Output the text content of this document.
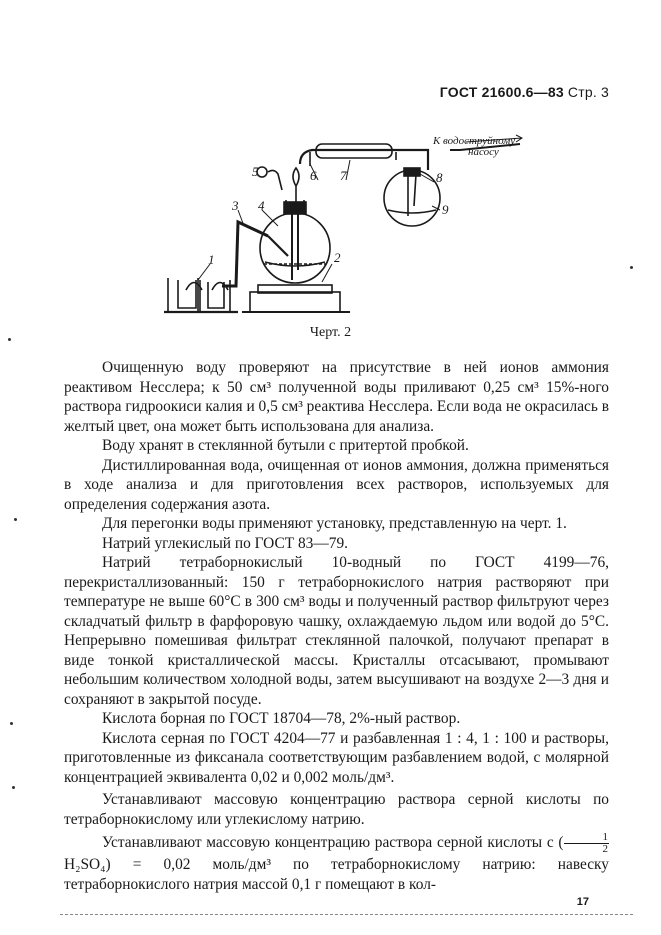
ГОСТ 21600.6—83 Стр. 3
1	2
3 4
5	6 7	8
9
К водоструйному
насосу
Черт. 2

Очищенную воду проверяют на присутствие в ней ионов аммония реактивом Несслера; к 50 см³ полученной воды приливают 0,25 см³ 15%-ного раствора гидроокиси калия и 0,5 см³ реактива Несслера. Если вода не окрасилась в желтый цвет, она может быть использована для анализа.

Воду хранят в стеклянной бутыли с притертой пробкой.

Дистиллированная вода, очищенная от ионов аммония, должна применяться в ходе анализа и для приготовления всех растворов, используемых для определения содержания азота.

Для перегонки воды применяют установку, представленную на черт. 1.

Натрий углекислый по ГОСТ 83—79.

Натрий тетраборнокислый 10-водный по ГОСТ 4199—76, перекристаллизованный: 150 г тетраборнокислого натрия растворяют при температуре не выше 60°С в 300 см³ воды и полученный раствор фильтруют через складчатый фильтр в фарфоровую чашку, охлаждаемую льдом или водой до 5°С. Непрерывно помешивая фильтрат стеклянной палочкой, получают препарат в виде тонкой кристаллической массы. Кристаллы отсасывают, промывают небольшим количеством холодной воды, затем высушивают на воздухе 2—3 дня и сохраняют в закрытой посуде.

Кислота борная по ГОСТ 18704—78, 2%-ный раствор.

Кислота серная по ГОСТ 4204—77 и разбавленная 1 : 4, 1 : 100 и растворы, приготовленные из фиксанала соответствующим разбавлением водой, с молярной концентрацией эквивалента 0,02 и 0,002 моль/дм³.

Устанавливают массовую концентрацию раствора серной кислоты по тетраборнокислому или углекислому натрию.

Устанавливают массовую концентрацию раствора серной кислоты c ( $\frac{1}{2}$
H₂SO₄) = 0,02 моль/дм³ по тетраборнокислому натрию: навеску тетраборнокислого натрия массой 0,1 г помещают в кол-

17
